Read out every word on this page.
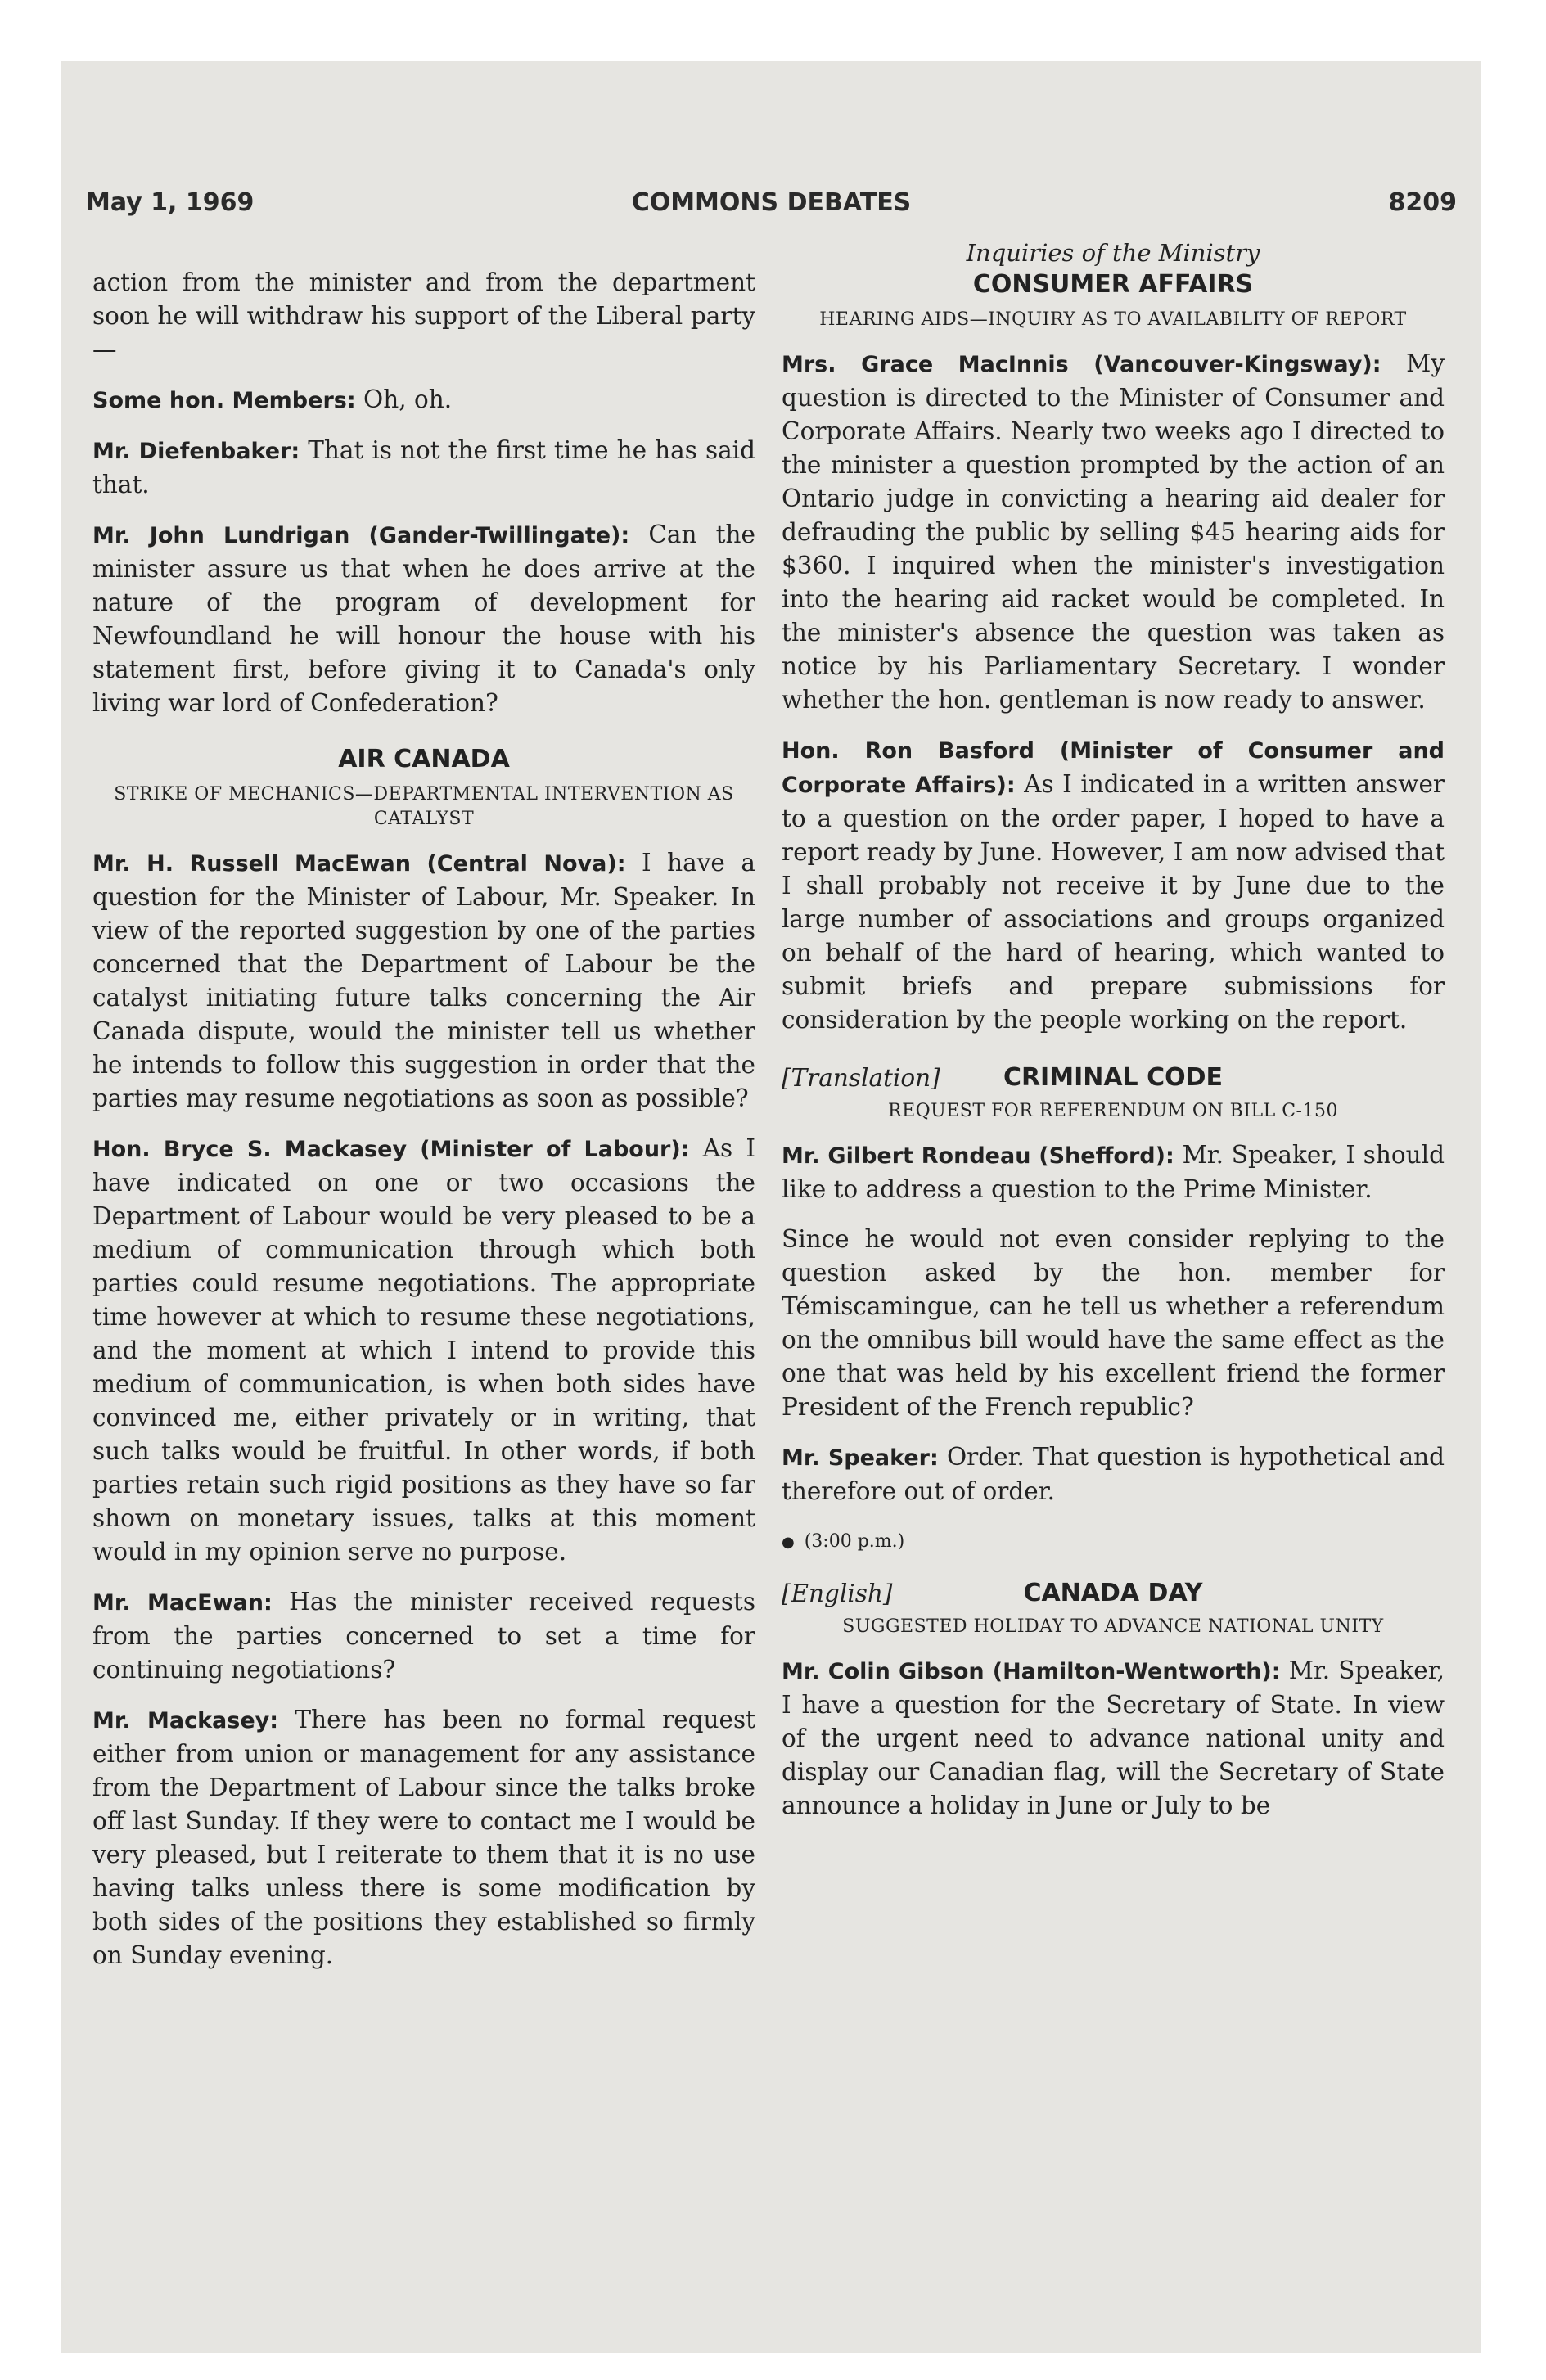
May 1, 1969	COMMONS DEBATES	8209

action from the minister and from the department soon he will withdraw his support of the Liberal party—

Some hon. Members: Oh, oh.

Mr. Diefenbaker: That is not the first time he has said that.

Mr. John Lundrigan (Gander-Twillingate): Can the minister assure us that when he does arrive at the nature of the program of development for Newfoundland he will honour the house with his statement first, before giving it to Canada's only living war lord of Confederation?

AIR CANADA
STRIKE OF MECHANICS—DEPARTMENTAL INTERVENTION AS CATALYST

Mr. H. Russell MacEwan (Central Nova): I have a question for the Minister of Labour, Mr. Speaker. In view of the reported suggestion by one of the parties concerned that the Department of Labour be the catalyst initiating future talks concerning the Air Canada dispute, would the minister tell us whether he intends to follow this suggestion in order that the parties may resume negotiations as soon as possible?

Hon. Bryce S. Mackasey (Minister of Labour): As I have indicated on one or two occasions the Department of Labour would be very pleased to be a medium of communication through which both parties could resume negotiations. The appropriate time however at which to resume these negotiations, and the moment at which I intend to provide this medium of communication, is when both sides have convinced me, either privately or in writing, that such talks would be fruitful. In other words, if both parties retain such rigid positions as they have so far shown on monetary issues, talks at this moment would in my opinion serve no purpose.

Mr. MacEwan: Has the minister received requests from the parties concerned to set a time for continuing negotiations?

Mr. Mackasey: There has been no formal request either from union or management for any assistance from the Department of Labour since the talks broke off last Sunday. If they were to contact me I would be very pleased, but I reiterate to them that it is no use having talks unless there is some modification by both sides of the positions they established so firmly on Sunday evening.

Inquiries of the Ministry
CONSUMER AFFAIRS
HEARING AIDS—INQUIRY AS TO AVAILABILITY OF REPORT

Mrs. Grace MacInnis (Vancouver-Kingsway): My question is directed to the Minister of Consumer and Corporate Affairs. Nearly two weeks ago I directed to the minister a question prompted by the action of an Ontario judge in convicting a hearing aid dealer for defrauding the public by selling $45 hearing aids for $360. I inquired when the minister's investigation into the hearing aid racket would be completed. In the minister's absence the question was taken as notice by his Parliamentary Secretary. I wonder whether the hon. gentleman is now ready to answer.

Hon. Ron Basford (Minister of Consumer and Corporate Affairs): As I indicated in a written answer to a question on the order paper, I hoped to have a report ready by June. However, I am now advised that I shall probably not receive it by June due to the large number of associations and groups organized on behalf of the hard of hearing, which wanted to submit briefs and prepare submissions for consideration by the people working on the report.

[Translation]	CRIMINAL CODE
REQUEST FOR REFERENDUM ON BILL C-150

Mr. Gilbert Rondeau (Shefford): Mr. Speaker, I should like to address a question to the Prime Minister.

Since he would not even consider replying to the question asked by the hon. member for Témiscamingue, can he tell us whether a referendum on the omnibus bill would have the same effect as the one that was held by his excellent friend the former President of the French republic?

Mr. Speaker: Order. That question is hypothetical and therefore out of order.

● (3:00 p.m.)
[English]	CANADA DAY
SUGGESTED HOLIDAY TO ADVANCE NATIONAL UNITY

Mr. Colin Gibson (Hamilton-Wentworth): Mr. Speaker, I have a question for the Secretary of State. In view of the urgent need to advance national unity and display our Canadian flag, will the Secretary of State announce a holiday in June or July to be
